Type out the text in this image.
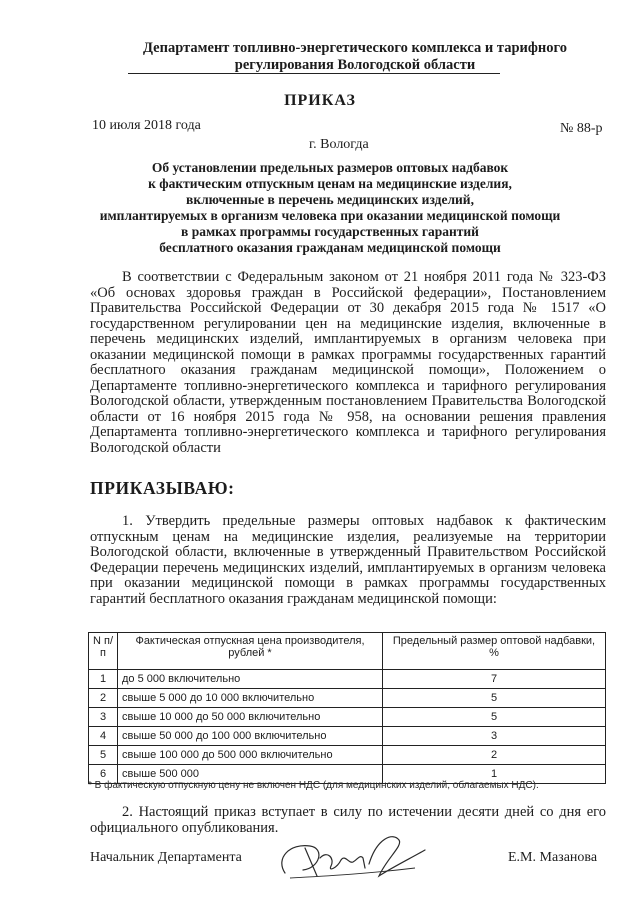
Департамент топливно-энергетического комплекса и тарифного
регулирования Вологодской области
ПРИКАЗ
10 июля 2018 года	№ 88-р
г. Вологда
Об установлении предельных размеров оптовых надбавок
к фактическим отпускным ценам на медицинские изделия,
включенные в перечень медицинских изделий,
имплантируемых в организм человека при оказании медицинской помощи
в рамках программы государственных гарантий
бесплатного оказания гражданам медицинской помощи
В соответствии с Федеральным законом от 21 ноября 2011 года № 323-ФЗ «Об основах здоровья граждан в Российской федерации», Постановлением Правительства Российской Федерации от 30 декабря 2015 года № 1517 «О государственном регулировании цен на медицинские изделия, включенные в перечень медицинских изделий, имплантируемых в организм человека при оказании медицинской помощи в рамках программы государственных гарантий бесплатного оказания гражданам медицинской помощи», Положением о Департаменте топливно-энергетического комплекса и тарифного регулирования Вологодской области, утвержденным постановлением Правительства Вологодской области от 16 ноября 2015 года № 958, на основании решения правления Департамента топливно-энергетического комплекса и тарифного регулирования Вологодской области
ПРИКАЗЫВАЮ:
1. Утвердить предельные размеры оптовых надбавок к фактическим отпускным ценам на медицинские изделия, реализуемые на территории Вологодской области, включенные в утвержденный Правительством Российской Федерации перечень медицинских изделий, имплантируемых в организм человека при оказании медицинской помощи в рамках программы государственных гарантий бесплатного оказания гражданам медицинской помощи:
N п/п	Фактическая отпускная цена производителя, рублей *	Предельный размер оптовой надбавки, %
1	до 5 000 включительно	7
2	свыше 5 000 до 10 000 включительно	5
3	свыше 10 000 до 50 000 включительно	5
4	свыше 50 000 до 100 000 включительно	3
5	свыше 100 000 до 500 000 включительно	2
6	свыше 500 000	1
* В фактическую отпускную цену не включен НДС (для медицинских изделий, облагаемых НДС).
2. Настоящий приказ вступает в силу по истечении десяти дней со дня его официального опубликования.
Начальник Департамента	Е.М. Мазанова
